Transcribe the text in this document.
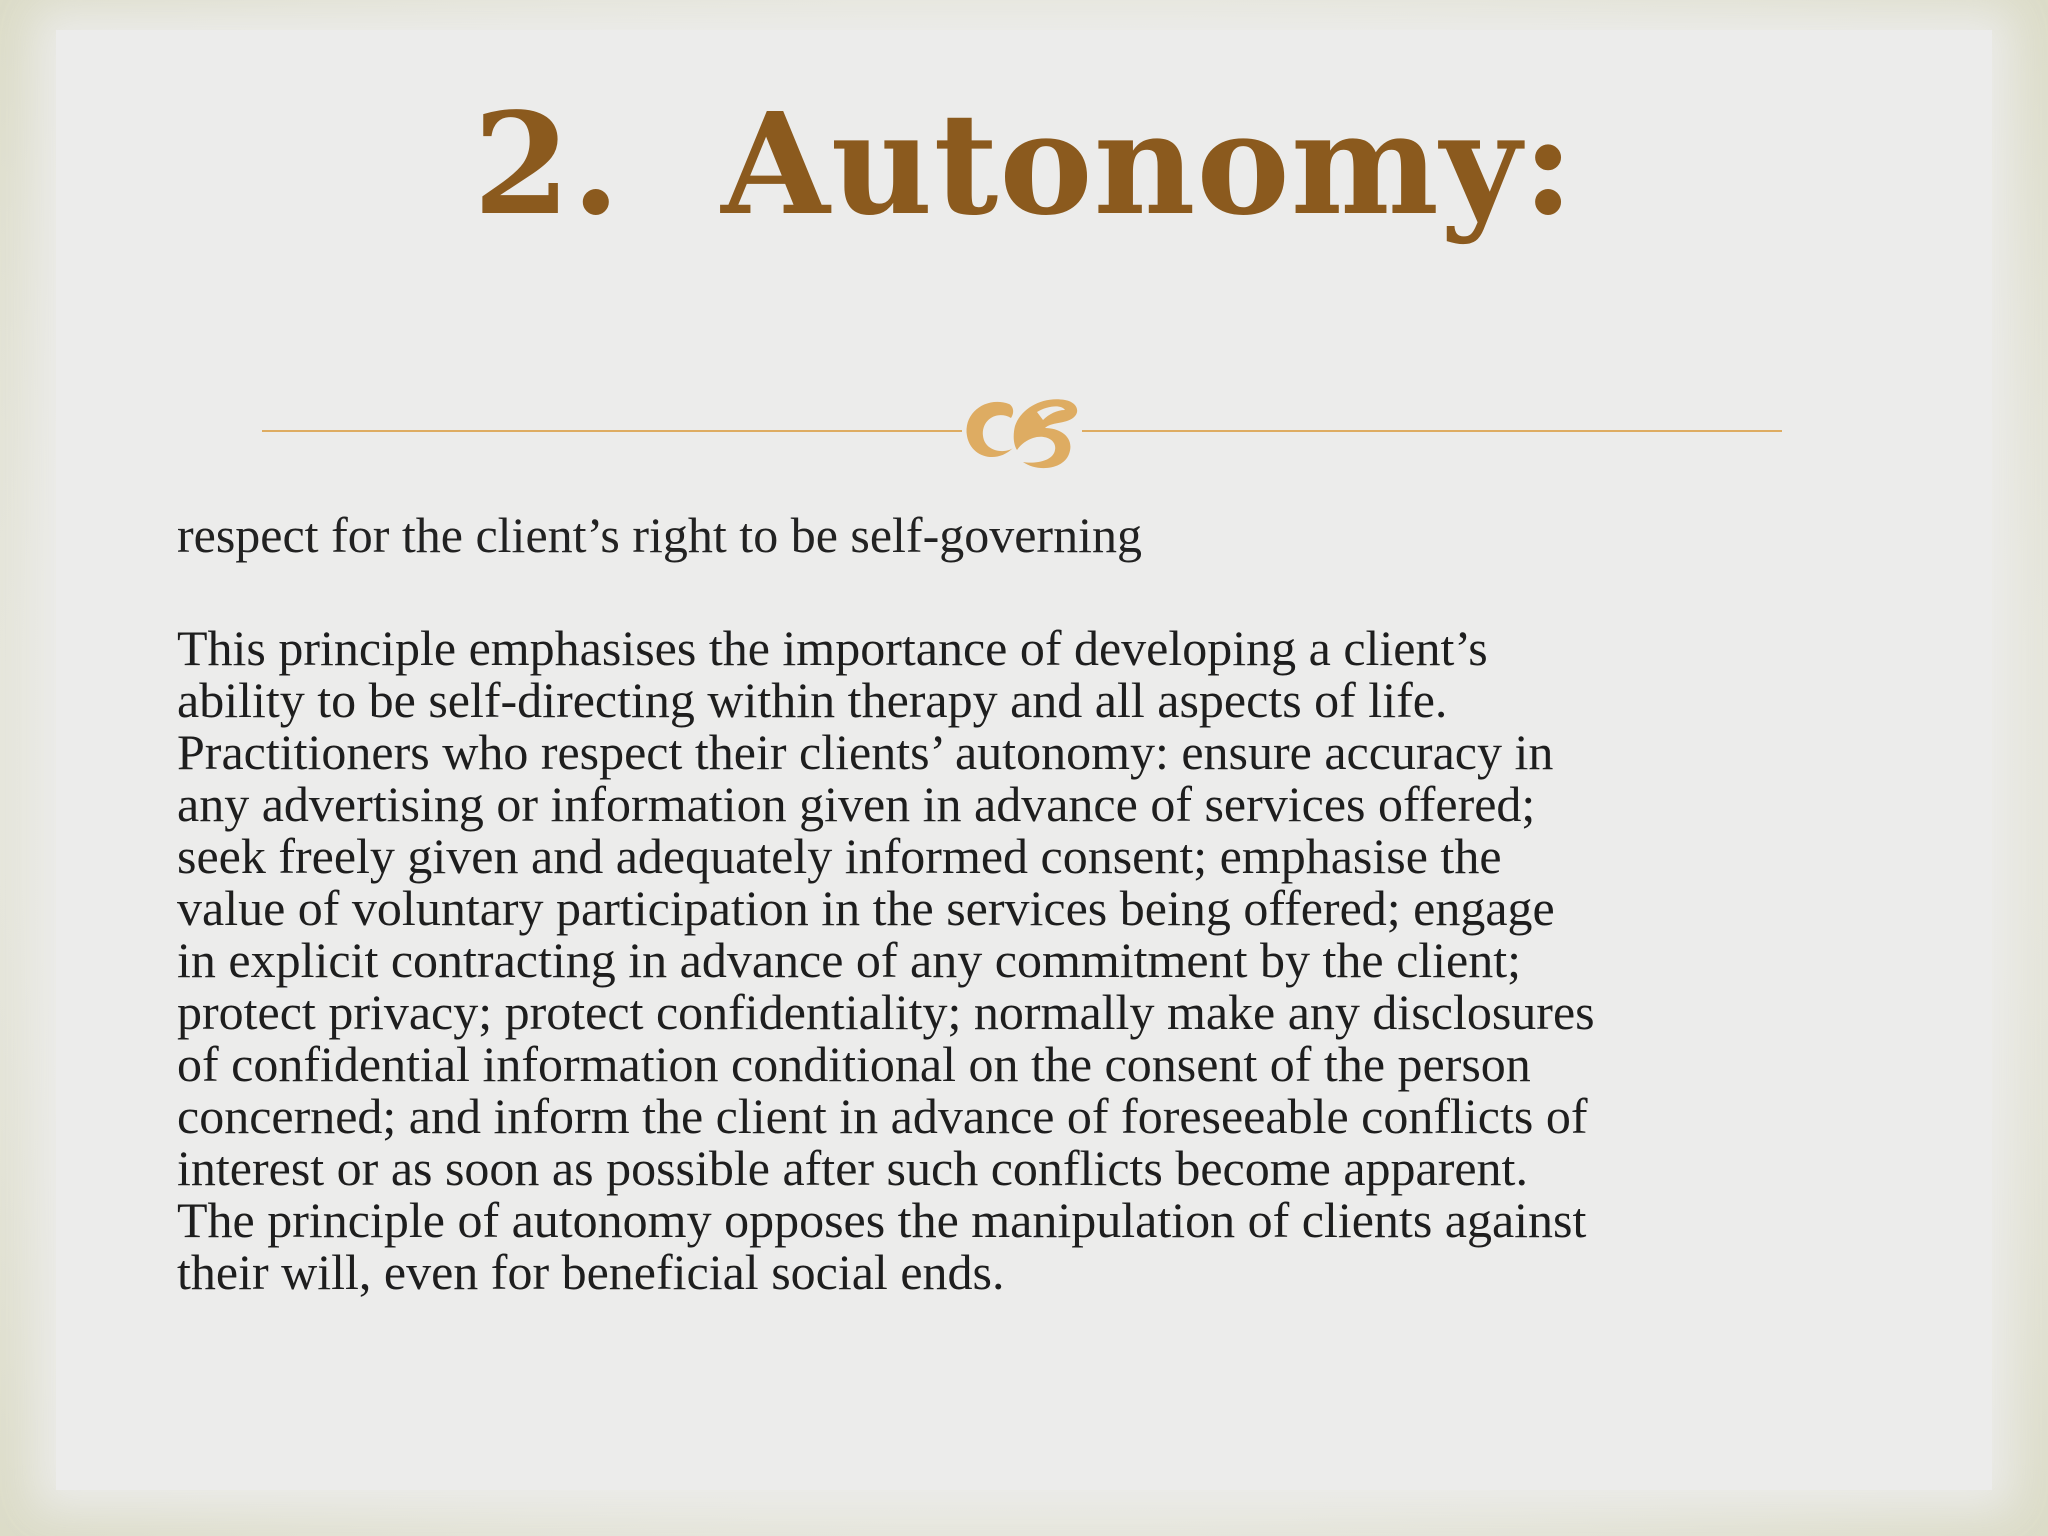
2. Autonomy:
respect for the client’s right to be self-governing
This principle emphasises the importance of developing a client’s
ability to be self-directing within therapy and all aspects of life.
Practitioners who respect their clients’ autonomy: ensure accuracy in
any advertising or information given in advance of services offered;
seek freely given and adequately informed consent; emphasise the
value of voluntary participation in the services being offered; engage
in explicit contracting in advance of any commitment by the client;
protect privacy; protect confidentiality; normally make any disclosures
of confidential information conditional on the consent of the person
concerned; and inform the client in advance of foreseeable conflicts of
interest or as soon as possible after such conflicts become apparent.
The principle of autonomy opposes the manipulation of clients against
their will, even for beneficial social ends.
